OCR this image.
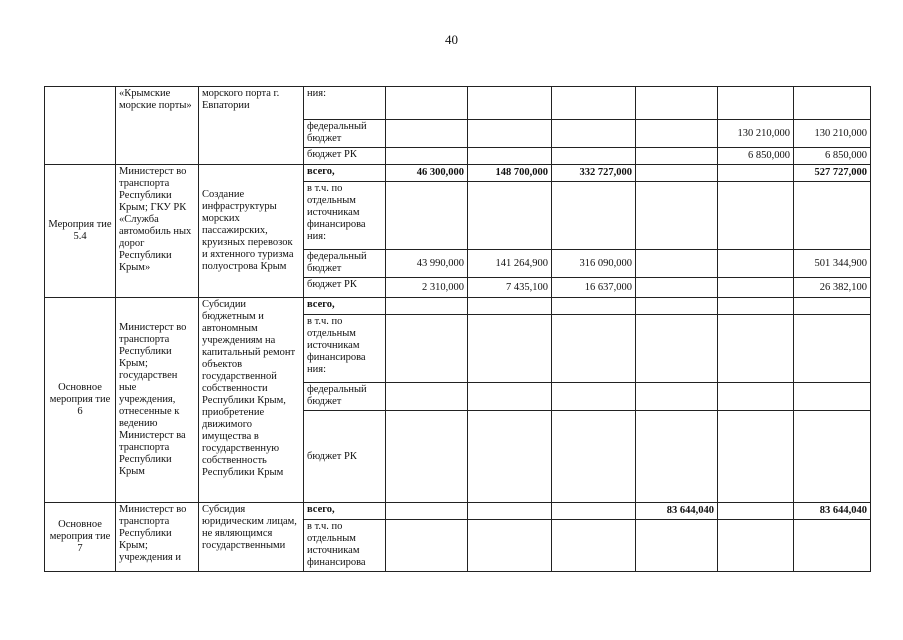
40
	«Крымские морские порты»	морского порта г. Евпатории	ния:						
			федеральный бюджет					130 210,000	130 210,000
			бюджет РК					6 850,000	6 850,000
Мероприя тие 5.4	Министерст во транспорта Республики Крым; ГКУ РК «Служба автомобиль ных дорог Республики Крым»	Создание инфраструктуры морских пассажирских, круизных перевозок и яхтенного туризма полуострова Крым	всего,	46 300,000	148 700,000	332 727,000			527 727,000
			в т.ч. по отдельным источникам финансирова ния:						
			федеральный бюджет	43 990,000	141 264,900	316 090,000			501 344,900
			бюджет РК	2 310,000	7 435,100	16 637,000			26 382,100
Основное мероприя тие 6	Министерст во транспорта Республики Крым; государствен ные учреждения, отнесенные к ведению Министерст ва транспорта Республики Крым	Субсидии бюджетным и автономным учреждениям на капитальный ремонт объектов государственной собственности Республики Крым, приобретение движимого имущества в государственную собственность Республики Крым	всего,						
			в т.ч. по отдельным источникам финансирова ния:						
			федеральный бюджет						
			бюджет РК						
Основное мероприя тие 7	Министерст во транспорта Республики Крым; учреждения и	Субсидия юридическим лицам, не являющимся государственными	всего,				83 644,040		83 644,040
			в т.ч. по отдельным источникам финансирова						
